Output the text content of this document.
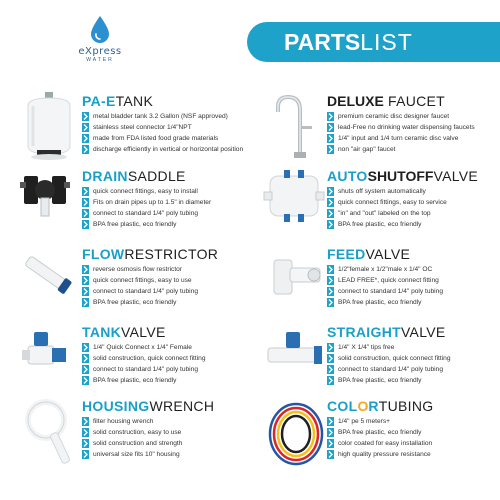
eXpress
WATER
PARTSLIST
PA-ETANK
metal bladder tank 3.2 Gallon (NSF approved)
stainless steel connector 1/4"NPT
made from FDA listed food grade materials
discharge efficiently in vertical or horizontal position
DELUXE FAUCET
premium ceramic disc designer faucet
lead-Free no drinking water dispensing faucets
1/4" input and 1/4 turn ceramic disc valve
non "air gap" faucet
DRAINSADDLE
quick connect fittings, easy to install
Fits on drain pipes up to 1.5" in diameter
connect to standard 1/4" poly tubing
BPA free plastic, eco friendly
AUTOSHUTOFFVALVE
shuts off system automatically
quick connect fittings, easy to service
"in" and "out" labeled on the top
BPA free plastic, eco friendly
FLOWRESTRICTOR
reverse osmosis flow restrictor
quick connect fittings, easy to use
connect to standard 1/4" poly tubing
BPA free plastic, eco friendly
FEEDVALVE
1/2"female x 1/2"male x 1/4" OC
LEAD FREE*, quick connect fitting
connect to standard 1/4" poly tubing
BPA free plastic, eco friendly
TANKVALVE
1/4" Quick Connect x 1/4" Female
solid construction, quick connect fitting
connect to standard 1/4" poly tubing
BPA free plastic, eco friendly
STRAIGHTVALVE
1/4" X 1/4" tips free
solid construction, quick connect fitting
connect to standard 1/4" poly tubing
BPA free plastic, eco friendly
HOUSINGWRENCH
filter housing wrench
solid construction, easy to use
solid construction and strength
universal size fits 10" housing
COLORTUBING
1/4" pe 5 meters+
BPA free plastic, eco friendly
color coated for easy installation
high quality pressure resistance
